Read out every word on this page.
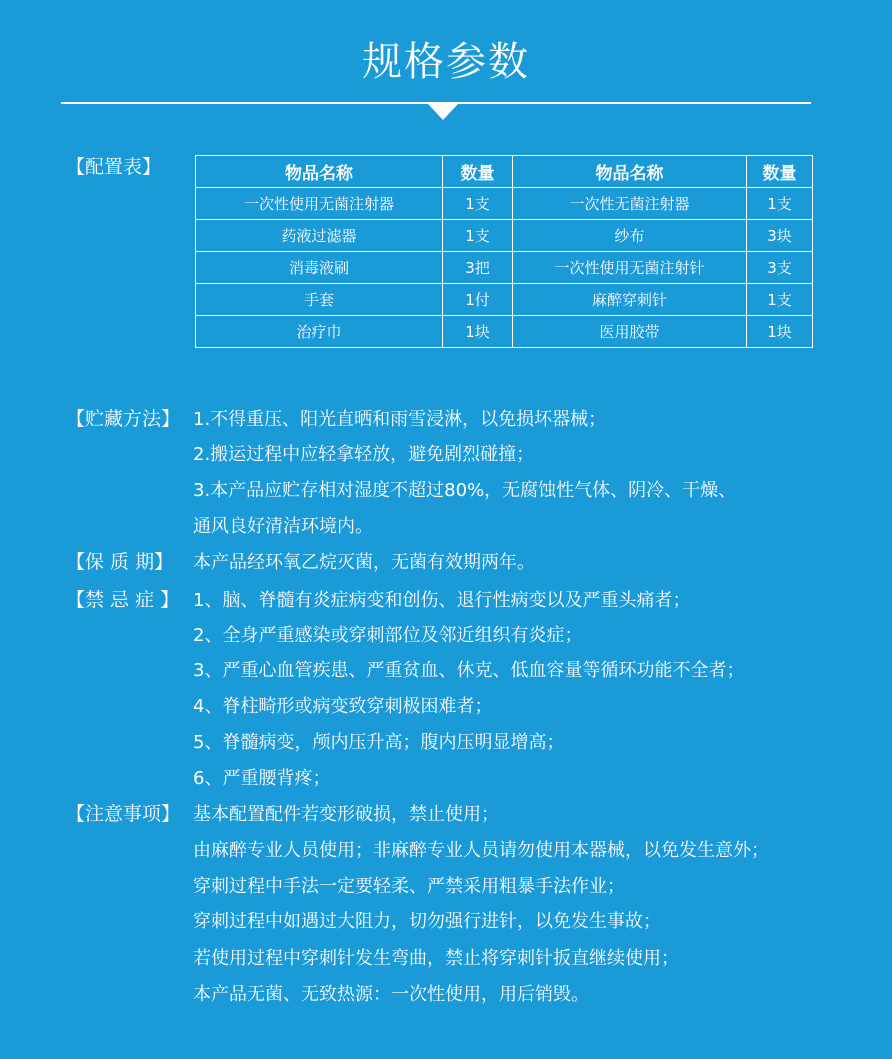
规格参数
【配置表】	物品名称	数量	物品名称	数量
一次性使用无菌注射器	1支	一次性无菌注射器	1支
药液过滤器	1支	纱布	3块
消毒液刷	3把	一次性使用无菌注射针	3支
手套	1付	麻醉穿刺针	1支
治疗巾	1块	医用胶带	1块
【贮藏方法】 1.不得重压、阳光直晒和雨雪浸淋，以免损坏器械；
2.搬运过程中应轻拿轻放，避免剧烈碰撞；
3.本产品应贮存相对湿度不超过80%，无腐蚀性气体、阴冷、干燥、
通风良好清洁环境内。
【保 质 期】 本产品经环氧乙烷灭菌，无菌有效期两年。
【禁 忌 症 】 1、脑、脊髓有炎症病变和创伤、退行性病变以及严重头痛者；
2、全身严重感染或穿刺部位及邻近组织有炎症；
3、严重心血管疾患、严重贫血、休克、低血容量等循环功能不全者；
4、脊柱畸形或病变致穿刺极困难者；
5、脊髓病变，颅内压升高；腹内压明显增高；
6、严重腰背疼；
【注意事项】 基本配置配件若变形破损，禁止使用；
由麻醉专业人员使用；非麻醉专业人员请勿使用本器械，以免发生意外；
穿刺过程中手法一定要轻柔、严禁采用粗暴手法作业；
穿刺过程中如遇过大阻力，切勿强行进针，以免发生事故；
若使用过程中穿刺针发生弯曲，禁止将穿刺针扳直继续使用；
本产品无菌、无致热源：一次性使用，用后销毁。
